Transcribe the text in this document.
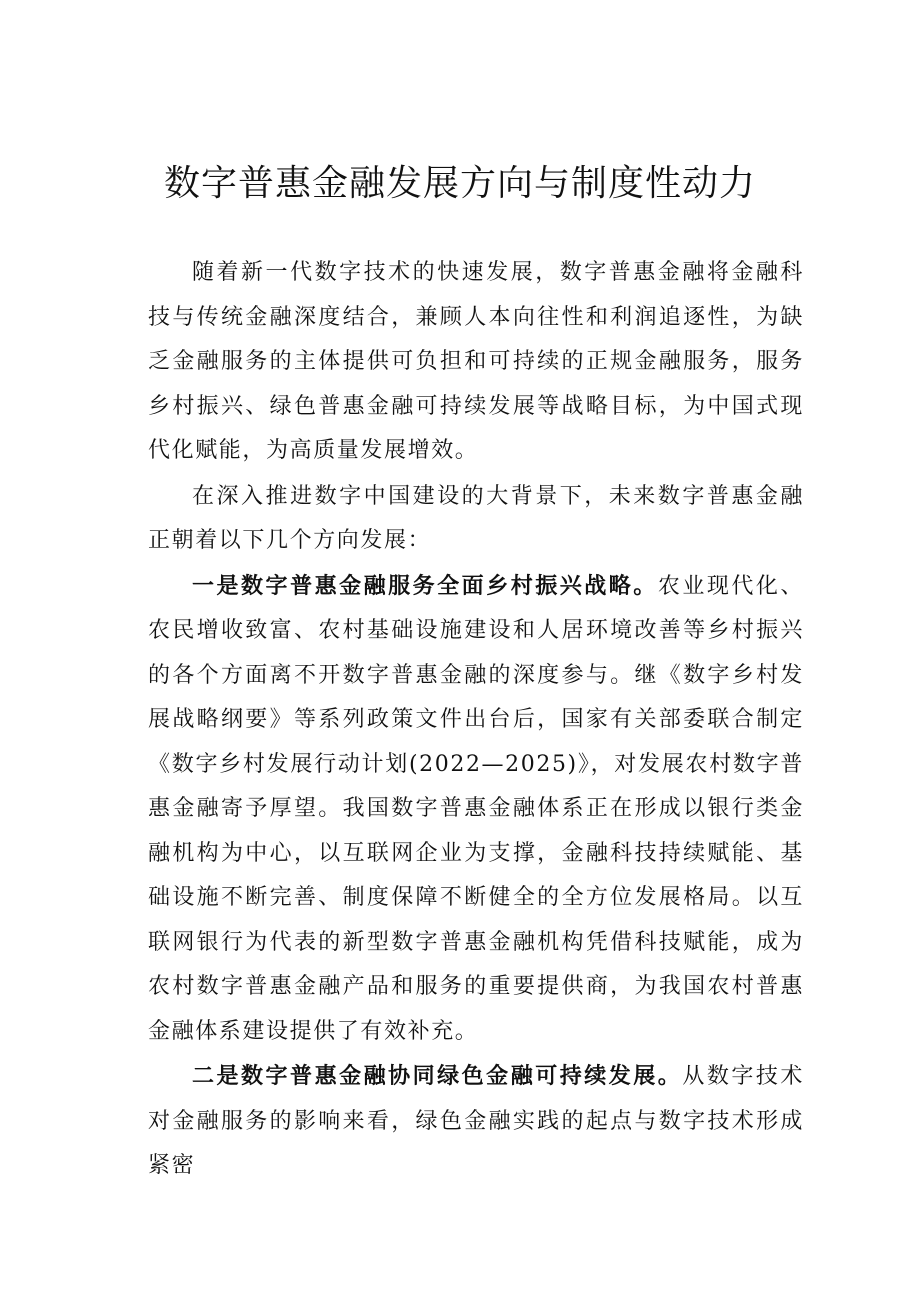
数字普惠金融发展方向与制度性动力

随着新一代数字技术的快速发展，数字普惠金融将金融科技与传统金融深度结合，兼顾人本向往性和利润追逐性，为缺乏金融服务的主体提供可负担和可持续的正规金融服务，服务乡村振兴、绿色普惠金融可持续发展等战略目标，为中国式现代化赋能，为高质量发展增效。

在深入推进数字中国建设的大背景下，未来数字普惠金融正朝着以下几个方向发展：

一是数字普惠金融服务全面乡村振兴战略。农业现代化、农民增收致富、农村基础设施建设和人居环境改善等乡村振兴的各个方面离不开数字普惠金融的深度参与。继《数字乡村发展战略纲要》等系列政策文件出台后，国家有关部委联合制定《数字乡村发展行动计划(2022—2025)》，对发展农村数字普惠金融寄予厚望。我国数字普惠金融体系正在形成以银行类金融机构为中心，以互联网企业为支撑，金融科技持续赋能、基础设施不断完善、制度保障不断健全的全方位发展格局。以互联网银行为代表的新型数字普惠金融机构凭借科技赋能，成为农村数字普惠金融产品和服务的重要提供商，为我国农村普惠金融体系建设提供了有效补充。

二是数字普惠金融协同绿色金融可持续发展。从数字技术对金融服务的影响来看，绿色金融实践的起点与数字技术形成紧密
